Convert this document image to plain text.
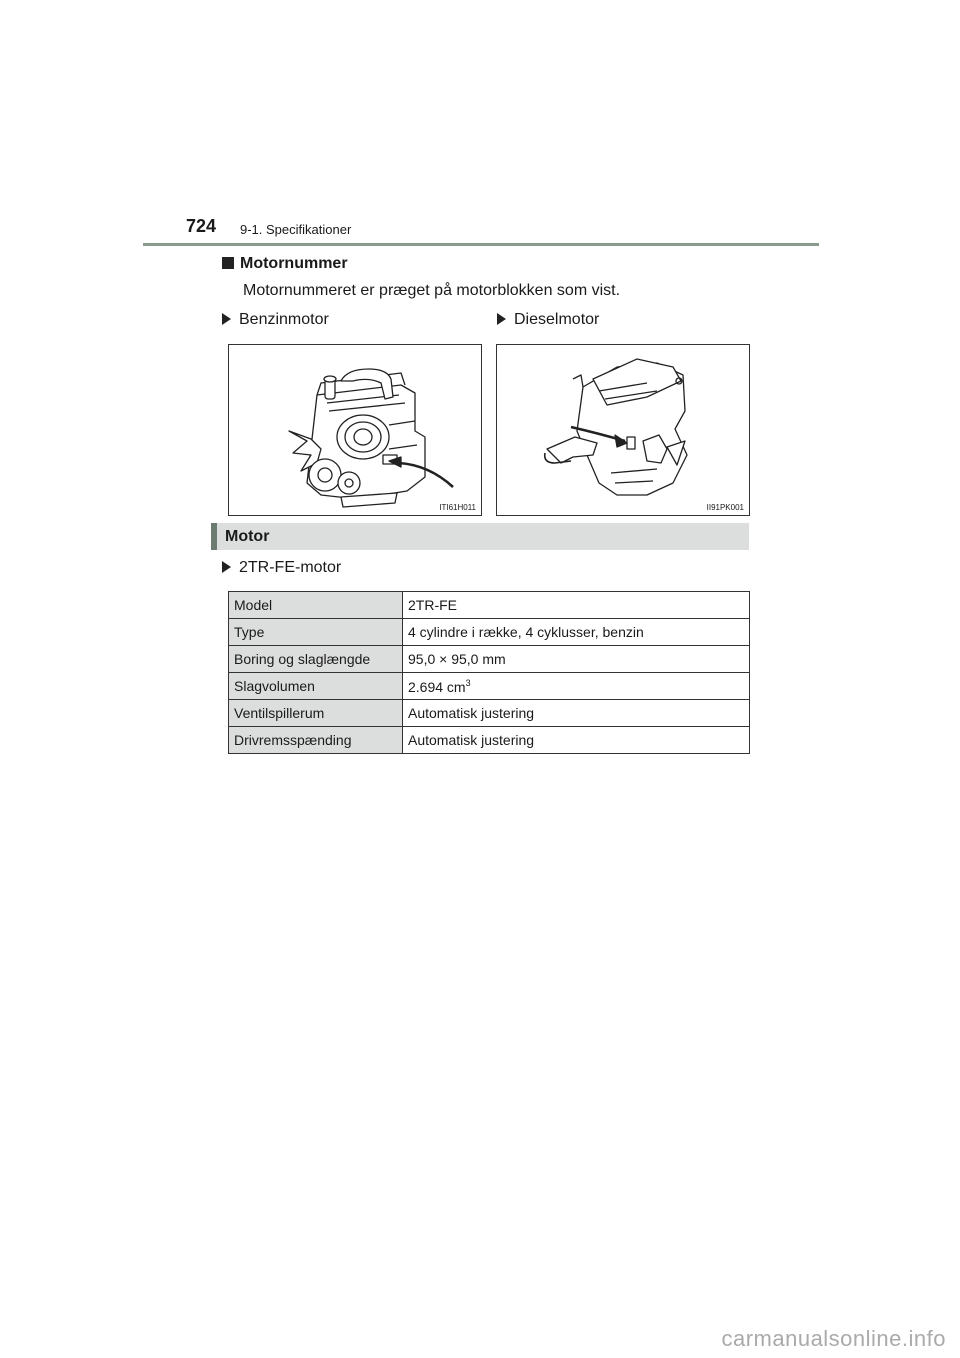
724 9-1. Specifikationer
Motornummer
Motornummeret er præget på motorblokken som vist.
Benzinmotor	Dieselmotor
ITI61H011	II91PK001
Motor
2TR-FE-motor
Model	2TR-FE
Type	4 cylindre i række, 4 cyklusser, benzin
Boring og slaglængde	95,0 × 95,0 mm
Slagvolumen	2.694 $cm^3$
Ventilspillerum	Automatisk justering
Drivremsspænding	Automatisk justering
carmanualsonline.info
